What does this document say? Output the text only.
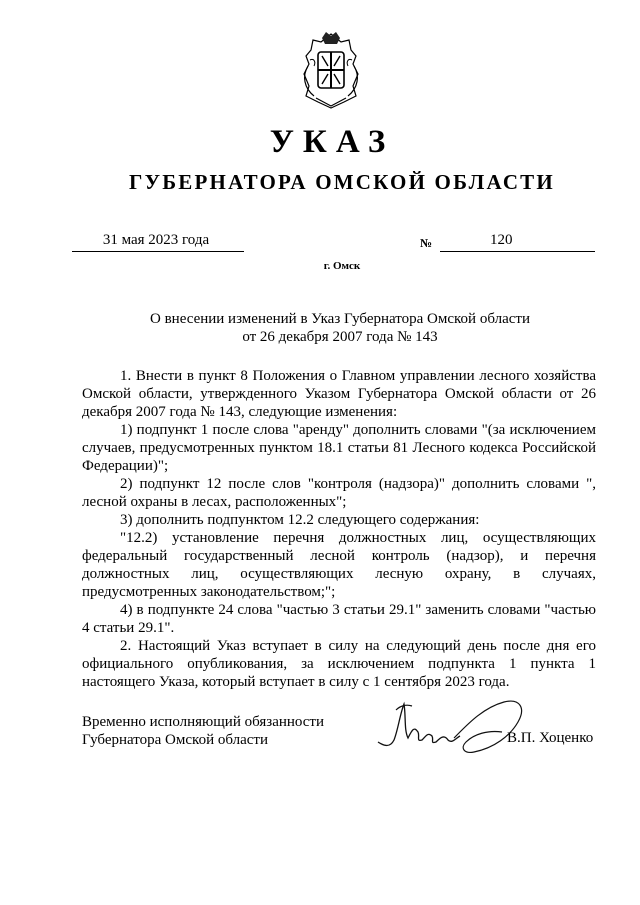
УКАЗ
ГУБЕРНАТОРА ОМСКОЙ ОБЛАСТИ
31 мая 2023 года	№	120
г. Омск
О внесении изменений в Указ Губернатора Омской области
от 26 декабря 2007 года № 143

1. Внести в пункт 8 Положения о Главном управлении лесного хозяйства Омской области, утвержденного Указом Губернатора Омской области от 26 декабря 2007 года № 143, следующие изменения:

1) подпункт 1 после слова "аренду" дополнить словами "(за исключением случаев, предусмотренных пунктом 18.1 статьи 81 Лесного кодекса Российской Федерации)";

2) подпункт 12 после слов "контроля (надзора)" дополнить словами ", лесной охраны в лесах, расположенных";

3) дополнить подпунктом 12.2 следующего содержания:

"12.2) установление перечня должностных лиц, осуществляющих федеральный государственный лесной контроль (надзор), и перечня должностных лиц, осуществляющих лесную охрану, в случаях, предусмотренных законодательством;";

4) в подпункте 24 слова "частью 3 статьи 29.1" заменить словами "частью 4 статьи 29.1".

2. Настоящий Указ вступает в силу на следующий день после дня его официального опубликования, за исключением подпункта 1 пункта 1 настоящего Указа, который вступает в силу с 1 сентября 2023 года.

Временно исполняющий обязанности
Губернатора Омской области	В.П. Хоценко
